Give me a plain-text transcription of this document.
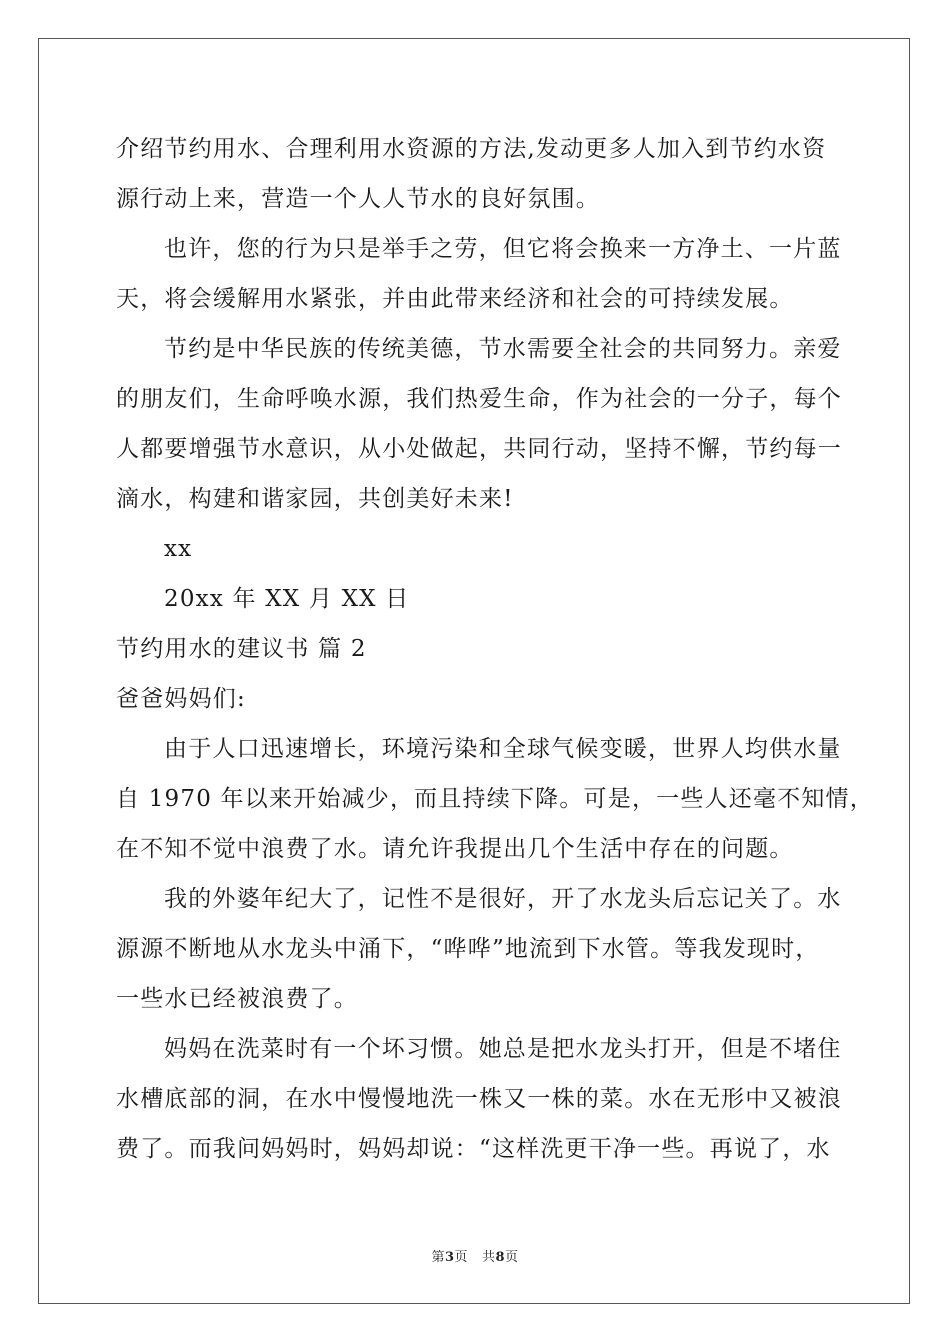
介绍节约用水、合理利用水资源的方法,发动更多人加入到节约水资
源行动上来，营造一个人人节水的良好氛围。
也许，您的行为只是举手之劳，但它将会换来一方净土、一片蓝
天，将会缓解用水紧张，并由此带来经济和社会的可持续发展。
节约是中华民族的传统美德，节水需要全社会的共同努力。亲爱
的朋友们，生命呼唤水源，我们热爱生命，作为社会的一分子，每个
人都要增强节水意识，从小处做起，共同行动，坚持不懈，节约每一
滴水，构建和谐家园，共创美好未来!
xx
20xx 年 XX 月 XX 日
节约用水的建议书 篇 2
爸爸妈妈们:
由于人口迅速增长，环境污染和全球气候变暖，世界人均供水量
自 1970 年以来开始减少，而且持续下降。可是，一些人还毫不知情，
在不知不觉中浪费了水。请允许我提出几个生活中存在的问题。
我的外婆年纪大了，记性不是很好，开了水龙头后忘记关了。水
源源不断地从水龙头中涌下，“哗哗”地流到下水管。等我发现时，
一些水已经被浪费了。
妈妈在洗菜时有一个坏习惯。她总是把水龙头打开，但是不堵住
水槽底部的洞，在水中慢慢地洗一株又一株的菜。水在无形中又被浪
费了。而我问妈妈时，妈妈却说：“这样洗更干净一些。再说了，水
第3页 共8页
